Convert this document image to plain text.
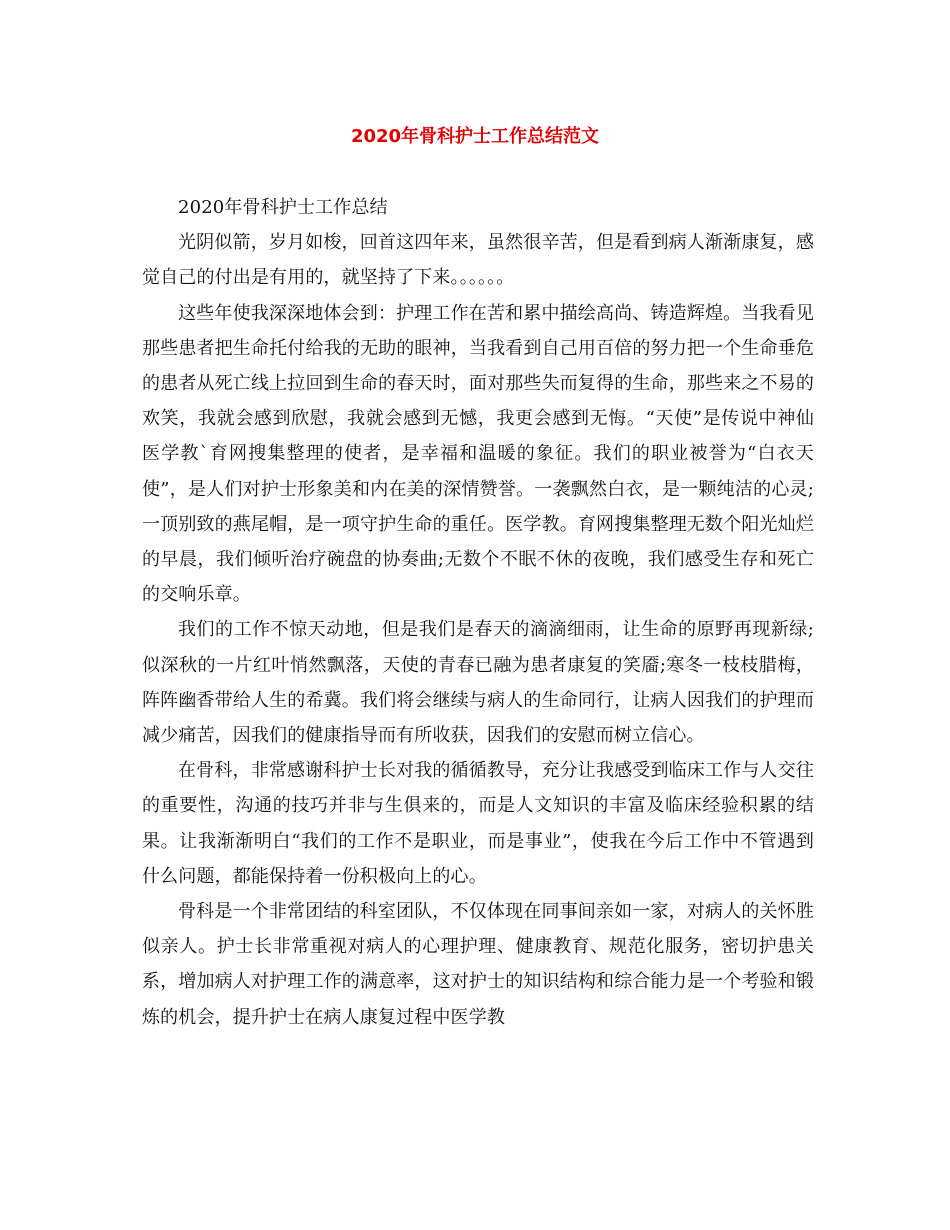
2020年骨科护士工作总结范文

2020年骨科护士工作总结

光阴似箭，岁月如梭，回首这四年来，虽然很辛苦，但是看到病人渐渐康复，感觉自己的付出是有用的，就坚持了下来。。。。。。

这些年使我深深地体会到：护理工作在苦和累中描绘高尚、铸造辉煌。当我看见那些患者把生命托付给我的无助的眼神，当我看到自己用百倍的努力把一个生命垂危的患者从死亡线上拉回到生命的春天时，面对那些失而复得的生命，那些来之不易的欢笑，我就会感到欣慰，我就会感到无憾，我更会感到无悔。“天使”是传说中神仙医学教`育网搜集整理的使者，是幸福和温暖的象征。我们的职业被誉为“白衣天使”，是人们对护士形象美和内在美的深情赞誉。一袭飘然白衣，是一颗纯洁的心灵;一顶别致的燕尾帽，是一项守护生命的重任。医学教。育网搜集整理无数个阳光灿烂的早晨，我们倾听治疗碗盘的协奏曲;无数个不眠不休的夜晚，我们感受生存和死亡的交响乐章。

我们的工作不惊天动地，但是我们是春天的滴滴细雨，让生命的原野再现新绿;似深秋的一片红叶悄然飘落，天使的青春已融为患者康复的笑靥;寒冬一枝枝腊梅，阵阵幽香带给人生的希冀。我们将会继续与病人的生命同行，让病人因我们的护理而减少痛苦，因我们的健康指导而有所收获，因我们的安慰而树立信心。

在骨科，非常感谢科护士长对我的循循教导，充分让我感受到临床工作与人交往的重要性，沟通的技巧并非与生俱来的，而是人文知识的丰富及临床经验积累的结果。让我渐渐明白“我们的工作不是职业，而是事业”，使我在今后工作中不管遇到什么问题，都能保持着一份积极向上的心。

骨科是一个非常团结的科室团队，不仅体现在同事间亲如一家，对病人的关怀胜似亲人。护士长非常重视对病人的心理护理、健康教育、规范化服务，密切护患关系，增加病人对护理工作的满意率，这对护士的知识结构和综合能力是一个考验和锻炼的机会，提升护士在病人康复过程中医学教
